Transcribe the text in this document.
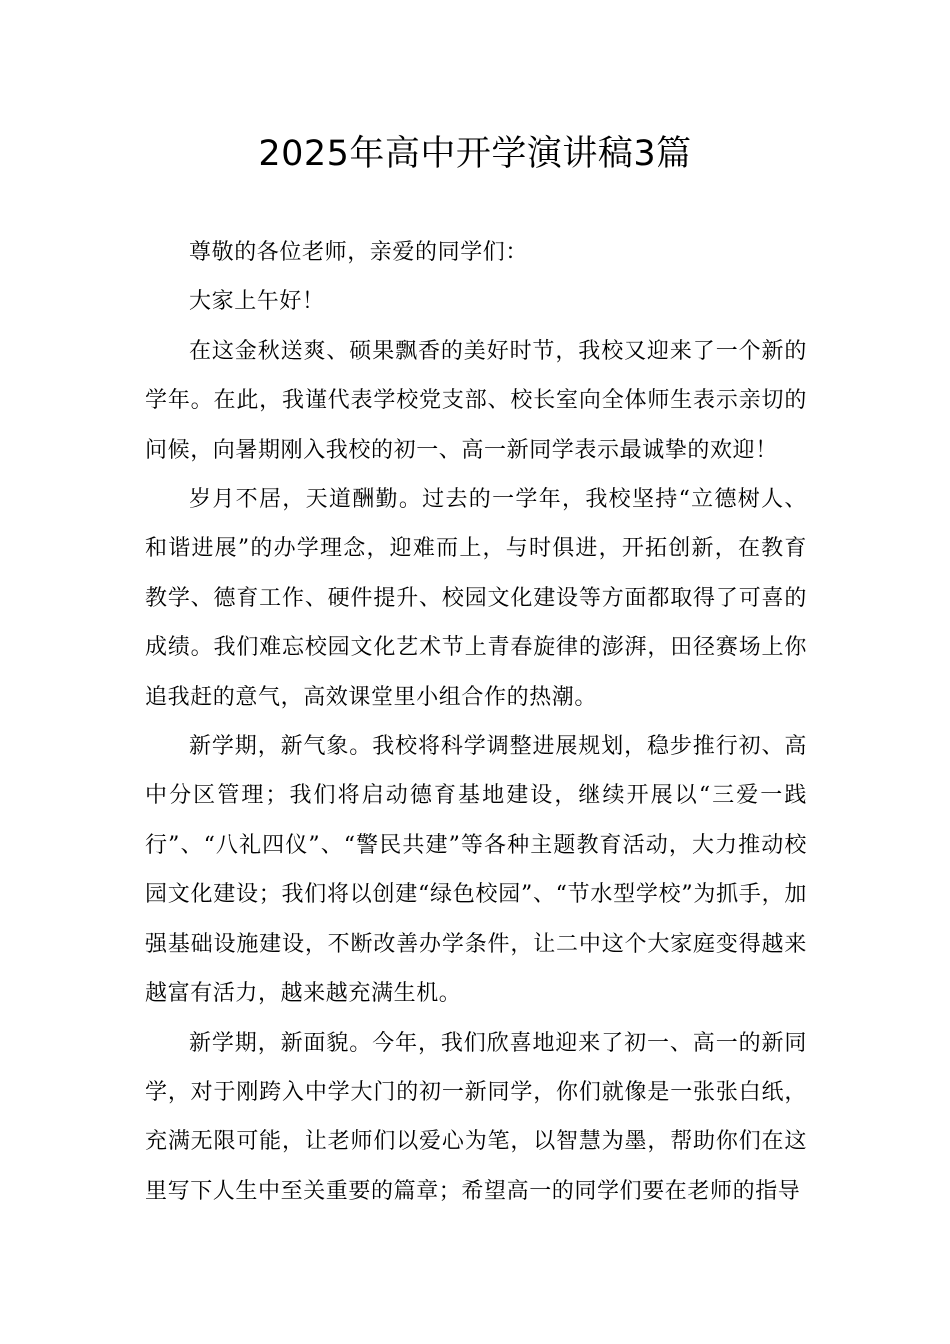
2025年高中开学演讲稿3篇

尊敬的各位老师，亲爱的同学们：

大家上午好！

在这金秋送爽、硕果飘香的美好时节，我校又迎来了一个新的学年。在此，我谨代表学校党支部、校长室向全体师生表示亲切的问候，向暑期刚入我校的初一、高一新同学表示最诚挚的欢迎！

岁月不居，天道酬勤。过去的一学年，我校坚持“立德树人、和谐进展”的办学理念，迎难而上，与时俱进，开拓创新，在教育教学、德育工作、硬件提升、校园文化建设等方面都取得了可喜的成绩。我们难忘校园文化艺术节上青春旋律的澎湃，田径赛场上你追我赶的意气，高效课堂里小组合作的热潮。

新学期，新气象。我校将科学调整进展规划，稳步推行初、高中分区管理；我们将启动德育基地建设，继续开展以“三爱一践行”、“八礼四仪”、“警民共建”等各种主题教育活动，大力推动校园文化建设；我们将以创建“绿色校园”、“节水型学校”为抓手，加强基础设施建设，不断改善办学条件，让二中这个大家庭变得越来越富有活力，越来越充满生机。

新学期，新面貌。今年，我们欣喜地迎来了初一、高一的新同学，对于刚跨入中学大门的初一新同学，你们就像是一张张白纸，充满无限可能，让老师们以爱心为笔，以智慧为墨，帮助你们在这里写下人生中至关重要的篇章；希望高一的同学们要在老师的指导
